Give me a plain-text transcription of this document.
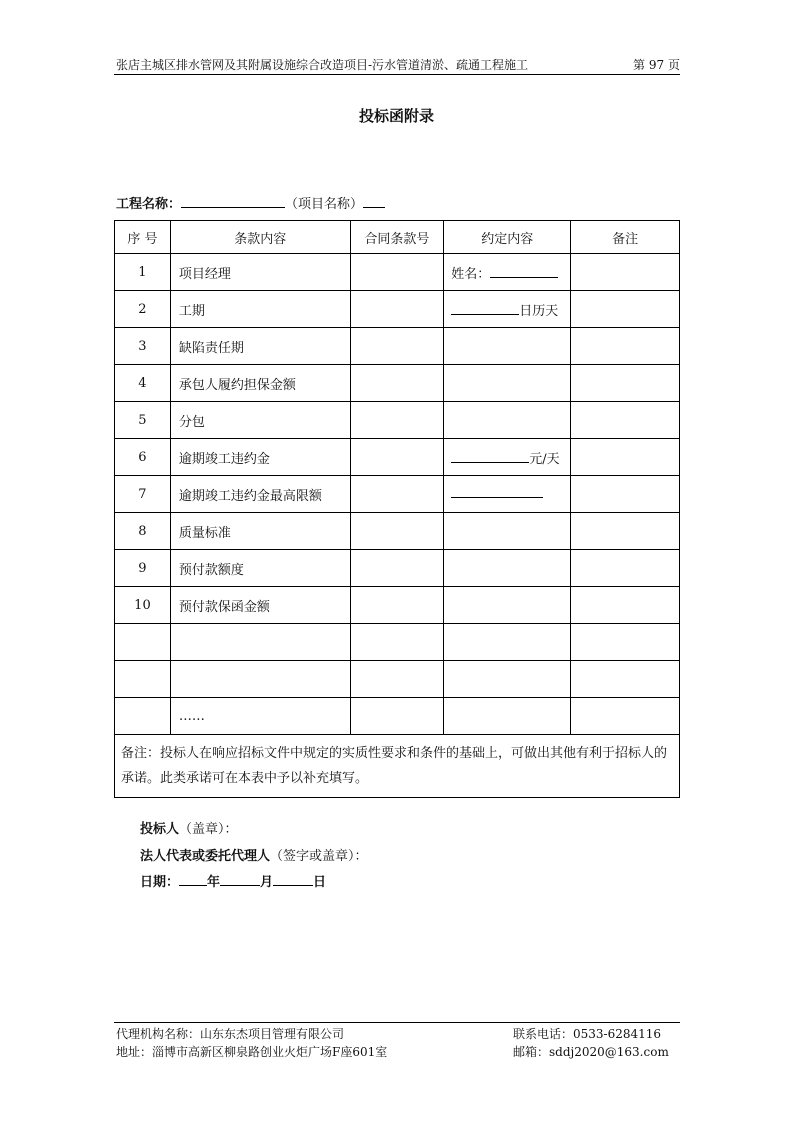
张店主城区排水管网及其附属设施综合改造项目-污水管道清淤、疏通工程施工	第 97 页
投标函附录
工程名称：	（项目名称）
序 号	条款内容	合同条款号	约定内容	备注
1	项目经理		姓名：	
2	工期		日历天	
3	缺陷责任期			
4	承包人履约担保金额			
5	分包			
6	逾期竣工违约金		元/天	
7	逾期竣工违约金最高限额			
8	质量标准			
9	预付款额度			
10	预付款保函金额			

	……			
备注：投标人在响应招标文件中规定的实质性要求和条件的基础上，可做出其他有利于招标人的承诺。此类承诺可在本表中予以补充填写。				
投标人（盖章）：
法人代表或委托代理人（签字或盖章）：
日期： 年	月	日
代理机构名称：山东东杰项目管理有限公司	联系电话：0533-6284116
地址：淄博市高新区柳泉路创业火炬广场F座601室	邮箱：sddj2020@163.com
